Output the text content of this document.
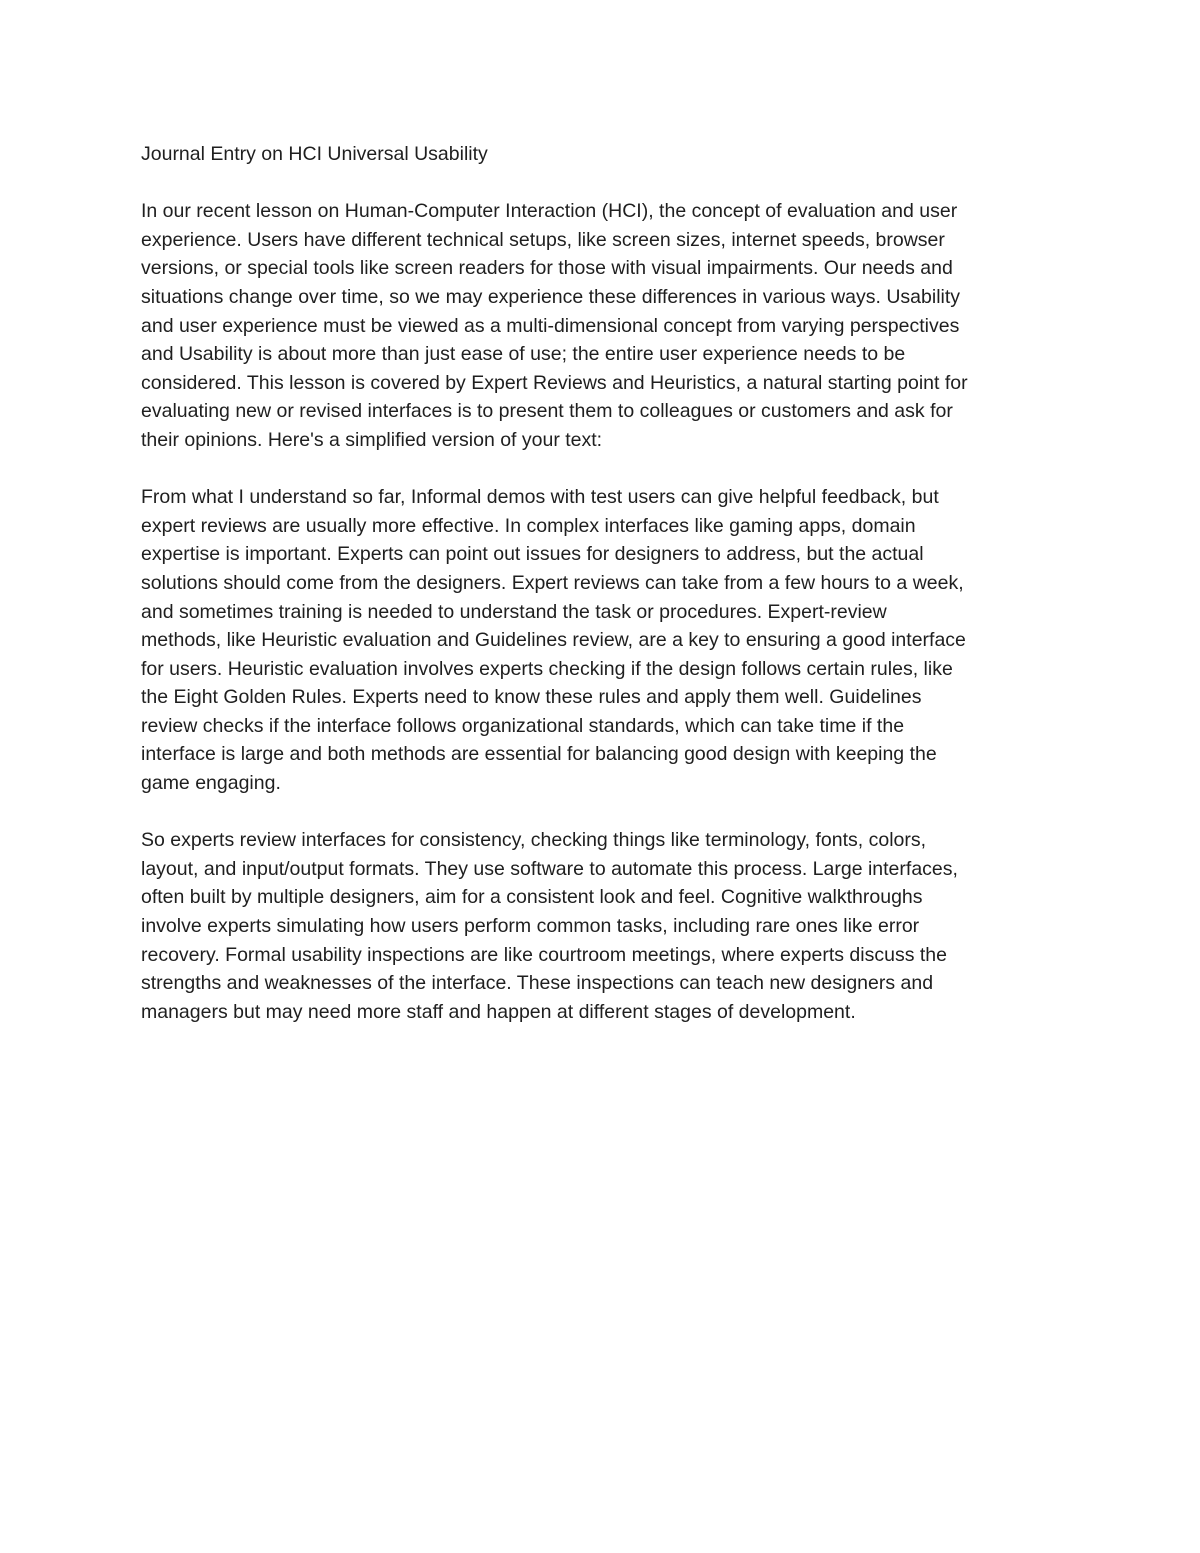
Journal Entry on HCI Universal Usability
In our recent lesson on Human-Computer Interaction (HCI), the concept of evaluation and user
experience. Users have different technical setups, like screen sizes, internet speeds, browser
versions, or special tools like screen readers for those with visual impairments. Our needs and
situations change over time, so we may experience these differences in various ways. Usability
and user experience must be viewed as a multi-dimensional concept from varying perspectives
and Usability is about more than just ease of use; the entire user experience needs to be
considered. This lesson is covered by Expert Reviews and Heuristics, a natural starting point for
evaluating new or revised interfaces is to present them to colleagues or customers and ask for
their opinions. Here's a simplified version of your text:
From what I understand so far, Informal demos with test users can give helpful feedback, but
expert reviews are usually more effective. In complex interfaces like gaming apps, domain
expertise is important. Experts can point out issues for designers to address, but the actual
solutions should come from the designers. Expert reviews can take from a few hours to a week,
and sometimes training is needed to understand the task or procedures. Expert-review
methods, like Heuristic evaluation and Guidelines review, are a key to ensuring a good interface
for users. Heuristic evaluation involves experts checking if the design follows certain rules, like
the Eight Golden Rules. Experts need to know these rules and apply them well. Guidelines
review checks if the interface follows organizational standards, which can take time if the
interface is large and both methods are essential for balancing good design with keeping the
game engaging.
So experts review interfaces for consistency, checking things like terminology, fonts, colors,
layout, and input/output formats. They use software to automate this process. Large interfaces,
often built by multiple designers, aim for a consistent look and feel. Cognitive walkthroughs
involve experts simulating how users perform common tasks, including rare ones like error
recovery. Formal usability inspections are like courtroom meetings, where experts discuss the
strengths and weaknesses of the interface. These inspections can teach new designers and
managers but may need more staff and happen at different stages of development.
